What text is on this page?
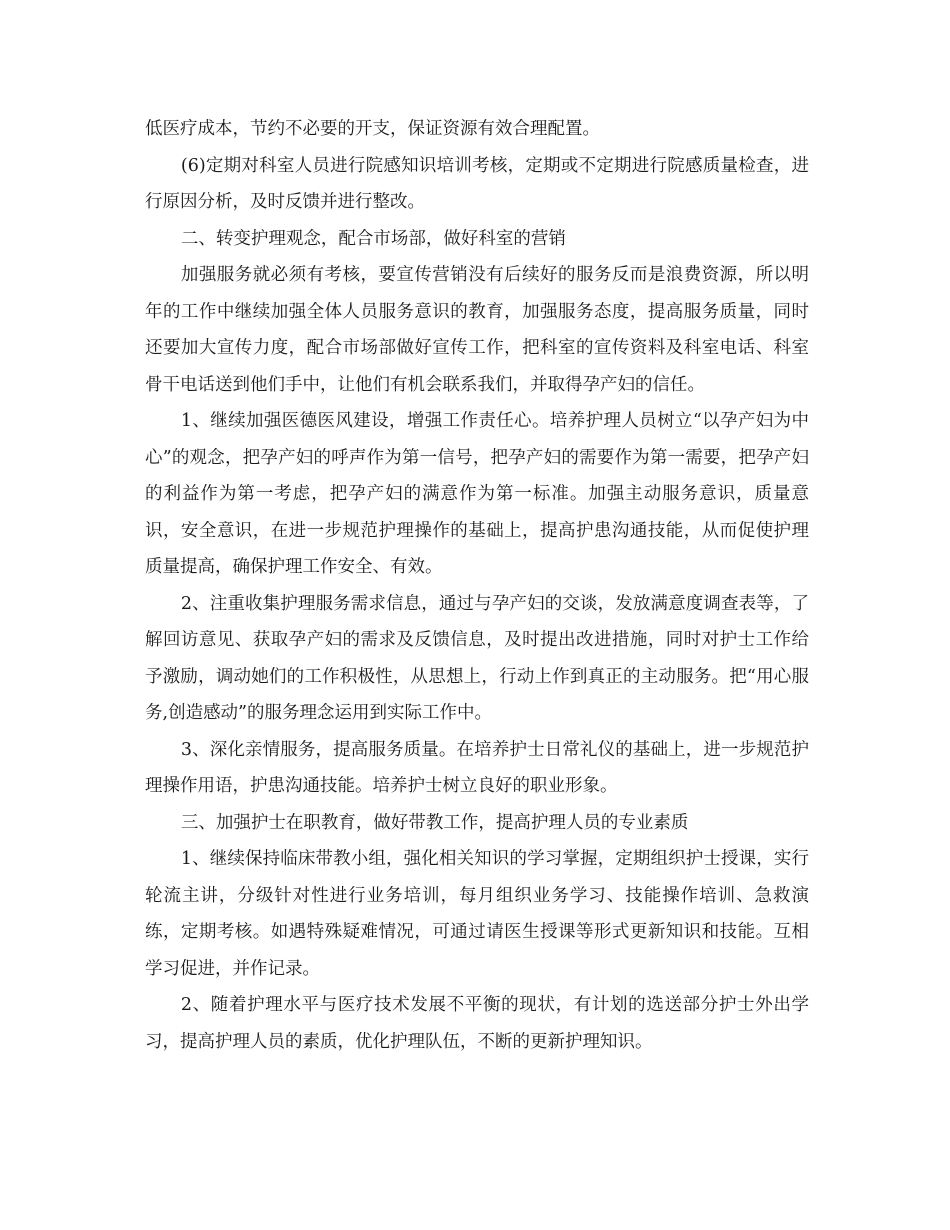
低医疗成本，节约不必要的开支，保证资源有效合理配置。

(6)定期对科室人员进行院感知识培训考核，定期或不定期进行院感质量检查，进行原因分析，及时反馈并进行整改。

二、转变护理观念，配合市场部，做好科室的营销

加强服务就必须有考核，要宣传营销没有后续好的服务反而是浪费资源，所以明年的工作中继续加强全体人员服务意识的教育，加强服务态度，提高服务质量，同时还要加大宣传力度，配合市场部做好宣传工作，把科室的宣传资料及科室电话、科室骨干电话送到他们手中，让他们有机会联系我们，并取得孕产妇的信任。

1、继续加强医德医风建设，增强工作责任心。培养护理人员树立“以孕产妇为中心”的观念，把孕产妇的呼声作为第一信号，把孕产妇的需要作为第一需要，把孕产妇的利益作为第一考虑，把孕产妇的满意作为第一标准。加强主动服务意识，质量意识，安全意识，在进一步规范护理操作的基础上，提高护患沟通技能，从而促使护理质量提高，确保护理工作安全、有效。

2、注重收集护理服务需求信息，通过与孕产妇的交谈，发放满意度调查表等，了解回访意见、获取孕产妇的需求及反馈信息，及时提出改进措施，同时对护士工作给予激励，调动她们的工作积极性，从思想上，行动上作到真正的主动服务。把“用心服务,创造感动”的服务理念运用到实际工作中。

3、深化亲情服务，提高服务质量。在培养护士日常礼仪的基础上，进一步规范护理操作用语，护患沟通技能。培养护士树立良好的职业形象。

三、加强护士在职教育，做好带教工作，提高护理人员的专业素质

1、继续保持临床带教小组，强化相关知识的学习掌握，定期组织护士授课，实行轮流主讲，分级针对性进行业务培训，每月组织业务学习、技能操作培训、急救演练，定期考核。如遇特殊疑难情况，可通过请医生授课等形式更新知识和技能。互相学习促进，并作记录。

2、随着护理水平与医疗技术发展不平衡的现状，有计划的选送部分护士外出学习，提高护理人员的素质，优化护理队伍，不断的更新护理知识。
